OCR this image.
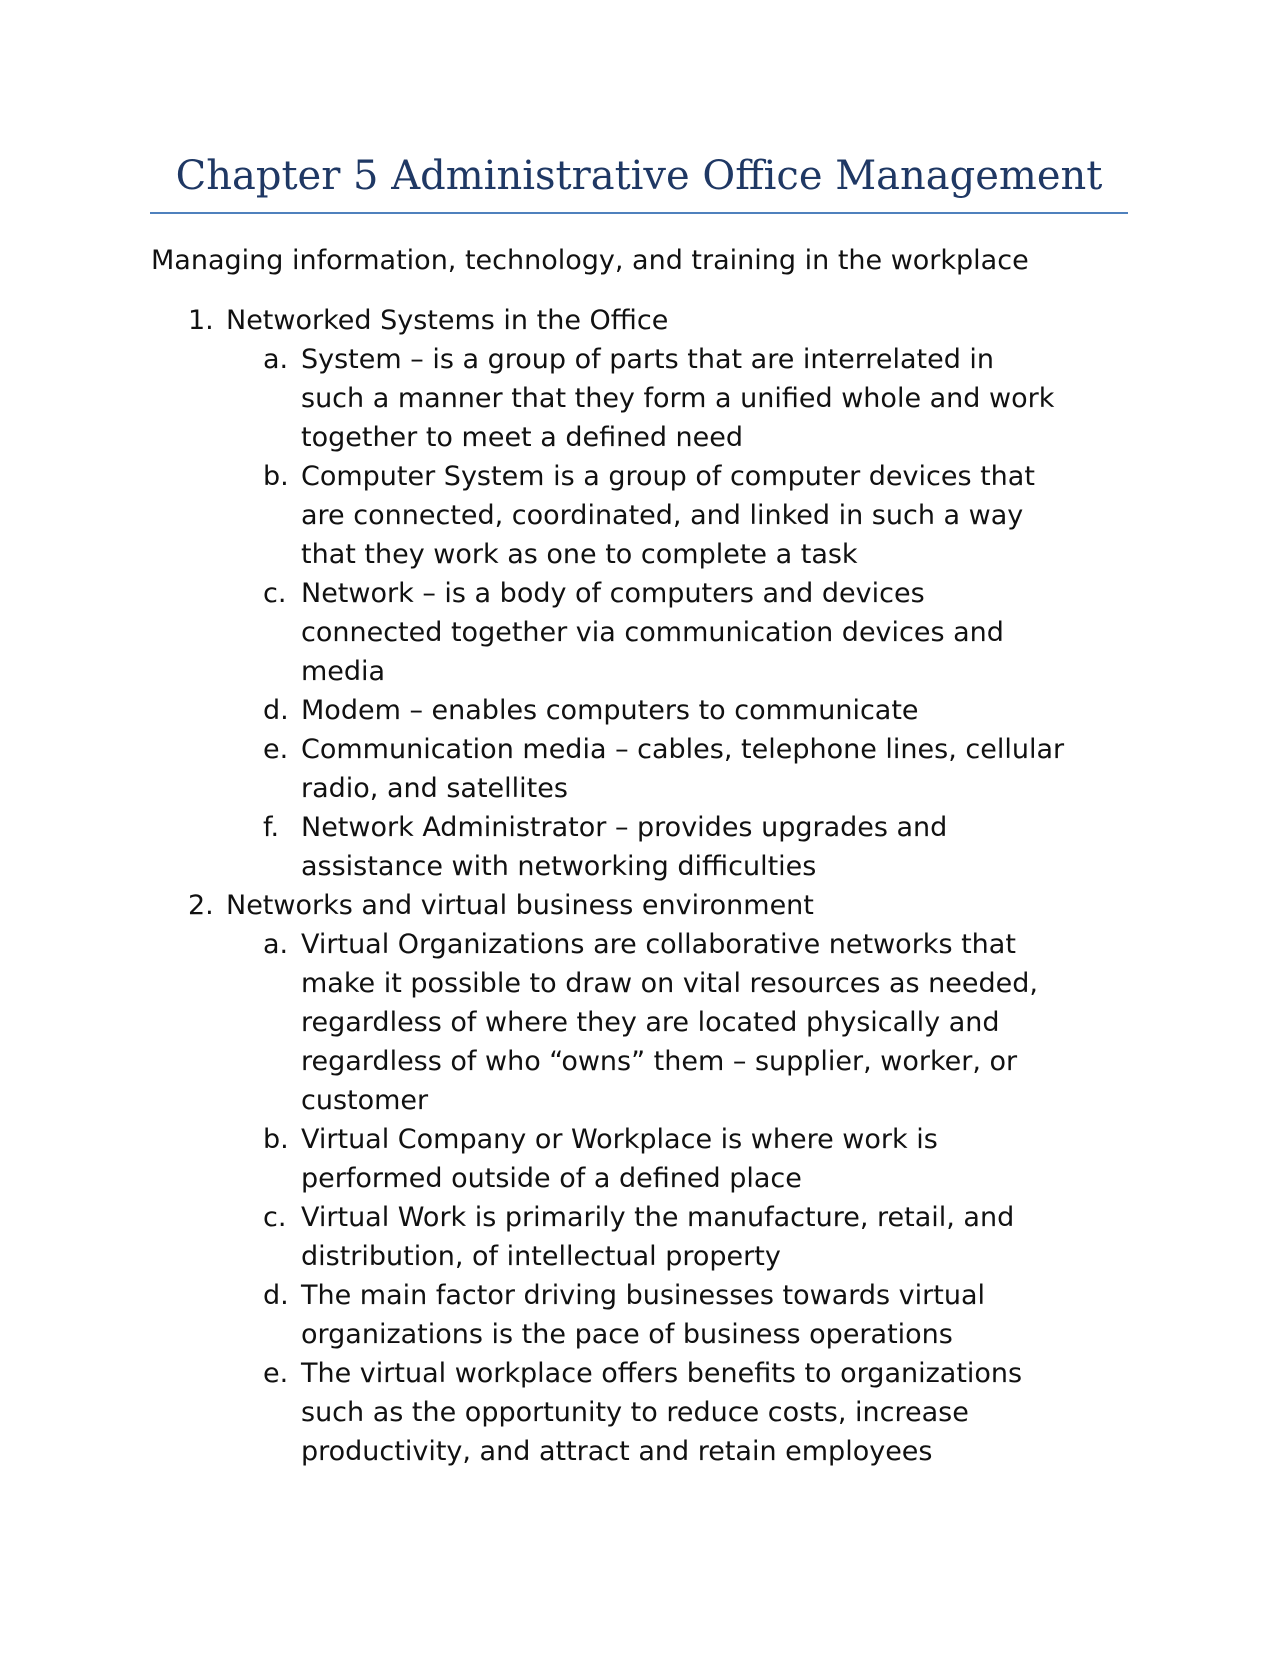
Chapter 5 Administrative Office Management
Managing information, technology, and training in the workplace
1. Networked Systems in the Office
a. System – is a group of parts that are interrelated in
such a manner that they form a unified whole and work
together to meet a defined need
b. Computer System is a group of computer devices that
are connected, coordinated, and linked in such a way
that they work as one to complete a task
c. Network – is a body of computers and devices
connected together via communication devices and
media
d. Modem – enables computers to communicate
e. Communication media – cables, telephone lines, cellular
radio, and satellites
f. Network Administrator – provides upgrades and
assistance with networking difficulties
2. Networks and virtual business environment
a. Virtual Organizations are collaborative networks that
make it possible to draw on vital resources as needed,
regardless of where they are located physically and
regardless of who “owns” them – supplier, worker, or
customer
b. Virtual Company or Workplace is where work is
performed outside of a defined place
c. Virtual Work is primarily the manufacture, retail, and
distribution, of intellectual property
d. The main factor driving businesses towards virtual
organizations is the pace of business operations
e. The virtual workplace offers benefits to organizations
such as the opportunity to reduce costs, increase
productivity, and attract and retain employees
